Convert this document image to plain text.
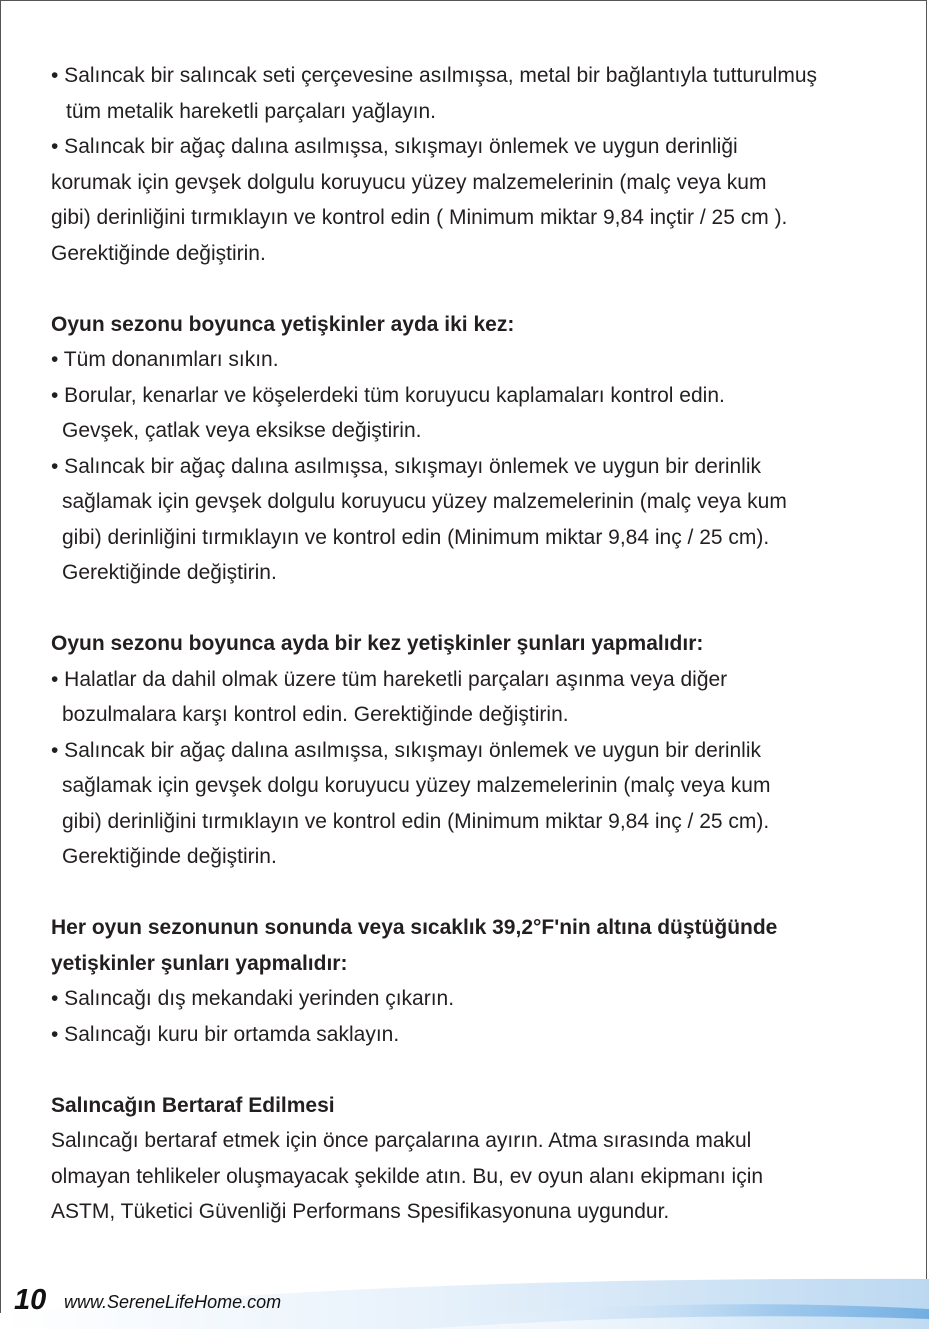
• Salıncak bir salıncak seti çerçevesine asılmışsa, metal bir bağlantıyla tutturulmuş
tüm metalik hareketli parçaları yağlayın.
• Salıncak bir ağaç dalına asılmışsa, sıkışmayı önlemek ve uygun derinliği
korumak için gevşek dolgulu koruyucu yüzey malzemelerinin (malç veya kum
gibi) derinliğini tırmıklayın ve kontrol edin ( Minimum miktar 9,84 inçtir / 25 cm ).
Gerektiğinde değiştirin.
Oyun sezonu boyunca yetişkinler ayda iki kez:
• Tüm donanımları sıkın.
• Borular, kenarlar ve köşelerdeki tüm koruyucu kaplamaları kontrol edin.
Gevşek, çatlak veya eksikse değiştirin.
• Salıncak bir ağaç dalına asılmışsa, sıkışmayı önlemek ve uygun bir derinlik
sağlamak için gevşek dolgulu koruyucu yüzey malzemelerinin (malç veya kum
gibi) derinliğini tırmıklayın ve kontrol edin (Minimum miktar 9,84 inç / 25 cm).
Gerektiğinde değiştirin.
Oyun sezonu boyunca ayda bir kez yetişkinler şunları yapmalıdır:
• Halatlar da dahil olmak üzere tüm hareketli parçaları aşınma veya diğer
bozulmalara karşı kontrol edin. Gerektiğinde değiştirin.
• Salıncak bir ağaç dalına asılmışsa, sıkışmayı önlemek ve uygun bir derinlik
sağlamak için gevşek dolgu koruyucu yüzey malzemelerinin (malç veya kum
gibi) derinliğini tırmıklayın ve kontrol edin (Minimum miktar 9,84 inç / 25 cm).
Gerektiğinde değiştirin.
Her oyun sezonunun sonunda veya sıcaklık 39,2°F'nin altına düştüğünde
yetişkinler şunları yapmalıdır:
• Salıncağı dış mekandaki yerinden çıkarın.
• Salıncağı kuru bir ortamda saklayın.
Salıncağın Bertaraf Edilmesi
Salıncağı bertaraf etmek için önce parçalarına ayırın. Atma sırasında makul
olmayan tehlikeler oluşmayacak şekilde atın. Bu, ev oyun alanı ekipmanı için
ASTM, Tüketici Güvenliği Performans Spesifikasyonuna uygundur.
10 www.SereneLifeHome.com
